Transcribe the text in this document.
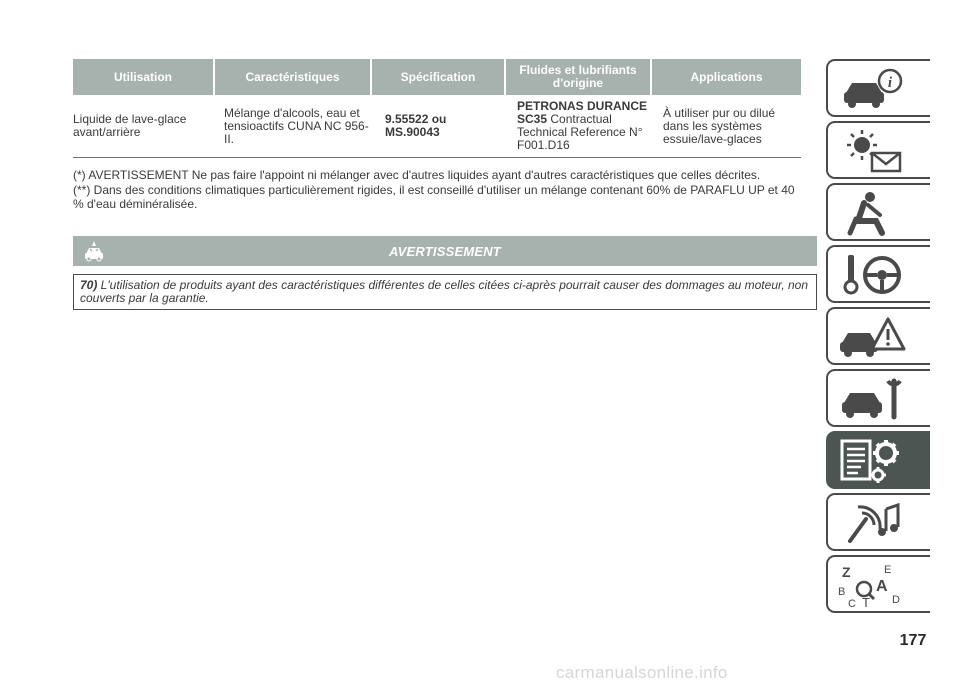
Utilisation	Caractéristiques	Spécification	Fluides et lubrifiants d'origine	Applications
Liquide de lave-glace avant/arrière	Mélange d'alcools, eau et tensioactifs CUNA NC 956-II.	9.55522 ou MS.90043	PETRONAS DURANCE SC35 Contractual Technical Reference N° F001.D16	À utiliser pur ou dilué dans les systèmes essuie/lave-glaces
(*) AVERTISSEMENT Ne pas faire l'appoint ni mélanger avec d'autres liquides ayant d'autres caractéristiques que celles décrites.
(**) Dans des conditions climatiques particulièrement rigides, il est conseillé d'utiliser un mélange contenant 60% de PARAFLU UP et 40 % d'eau déminéralisée.
AVERTISSEMENT
70) L'utilisation de produits ayant des caractéristiques différentes de celles citées ci-après pourrait causer des dommages au moteur, non couverts par la garantie.
i
Z	E
A
B
D
C T
177
carmanualsonline.info
